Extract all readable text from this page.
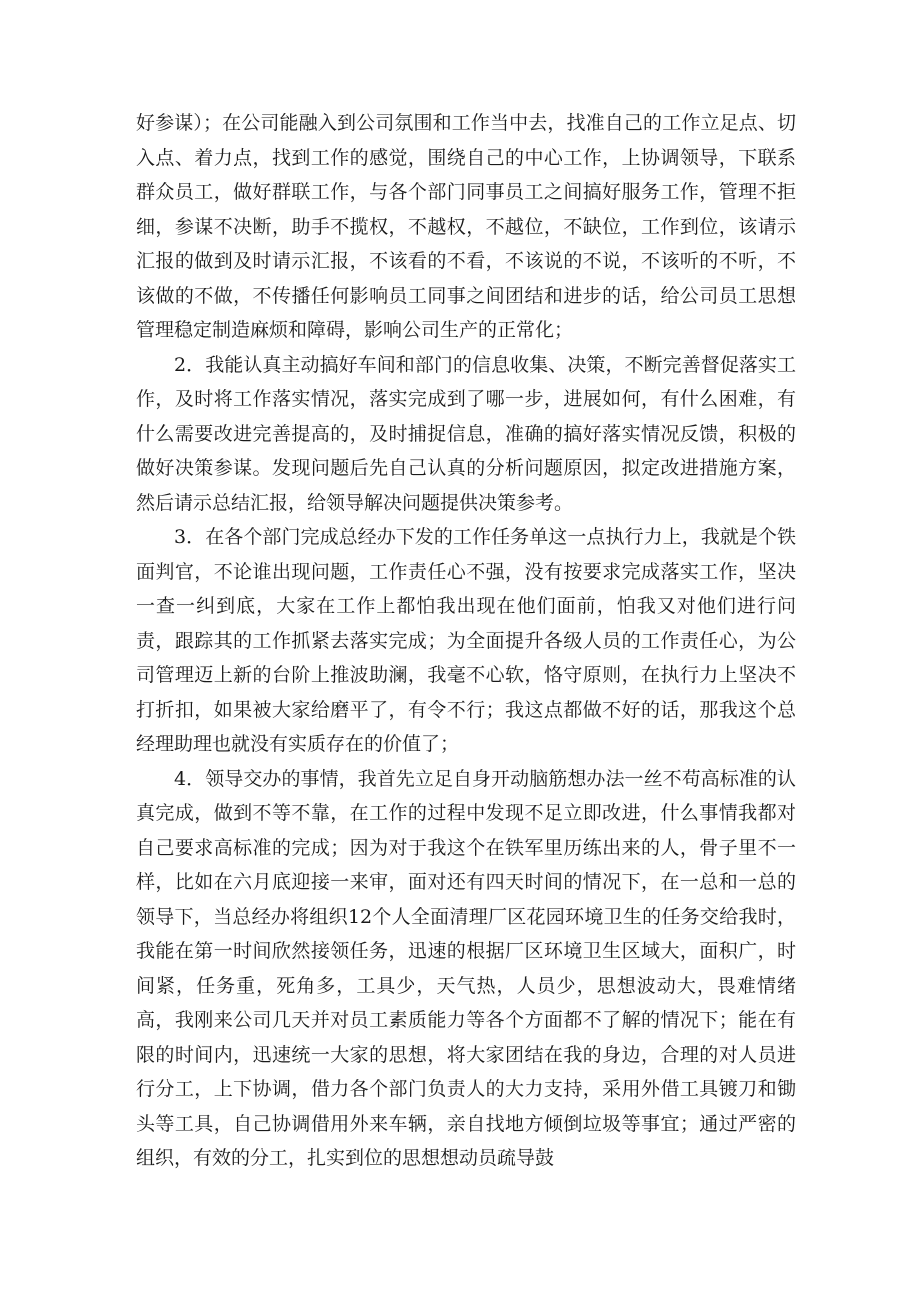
好参谋）；在公司能融入到公司氛围和工作当中去，找准自己的工作立足点、切入点、着力点，找到工作的感觉，围绕自己的中心工作，上协调领导，下联系群众员工，做好群联工作，与各个部门同事员工之间搞好服务工作，管理不拒细，参谋不决断，助手不揽权，不越权，不越位，不缺位，工作到位，该请示汇报的做到及时请示汇报，不该看的不看，不该说的不说，不该听的不听，不该做的不做，不传播任何影响员工同事之间团结和进步的话，给公司员工思想管理稳定制造麻烦和障碍，影响公司生产的正常化；

2．我能认真主动搞好车间和部门的信息收集、决策，不断完善督促落实工作，及时将工作落实情况，落实完成到了哪一步，进展如何，有什么困难，有什么需要改进完善提高的，及时捕捉信息，准确的搞好落实情况反馈，积极的做好决策参谋。发现问题后先自己认真的分析问题原因，拟定改进措施方案，然后请示总结汇报，给领导解决问题提供决策参考。

3．在各个部门完成总经办下发的工作任务单这一点执行力上，我就是个铁面判官，不论谁出现问题，工作责任心不强，没有按要求完成落实工作，坚决一查一纠到底，大家在工作上都怕我出现在他们面前，怕我又对他们进行问责，跟踪其的工作抓紧去落实完成；为全面提升各级人员的工作责任心，为公司管理迈上新的台阶上推波助澜，我毫不心软，恪守原则，在执行力上坚决不打折扣，如果被大家给磨平了，有令不行；我这点都做不好的话，那我这个总经理助理也就没有实质存在的价值了；

4．领导交办的事情，我首先立足自身开动脑筋想办法一丝不苟高标准的认真完成，做到不等不靠，在工作的过程中发现不足立即改进，什么事情我都对自己要求高标准的完成；因为对于我这个在铁军里历练出来的人，骨子里不一样，比如在六月底迎接一来审，面对还有四天时间的情况下，在一总和一总的领导下，当总经办将组织12个人全面清理厂区花园环境卫生的任务交给我时，我能在第一时间欣然接领任务，迅速的根据厂区环境卫生区域大，面积广，时间紧，任务重，死角多，工具少，天气热，人员少，思想波动大，畏难情绪高，我刚来公司几天并对员工素质能力等各个方面都不了解的情况下；能在有限的时间内，迅速统一大家的思想，将大家团结在我的身边，合理的对人员进行分工，上下协调，借力各个部门负责人的大力支持，采用外借工具镀刀和锄头等工具，自己协调借用外来车辆，亲自找地方倾倒垃圾等事宜；通过严密的组织，有效的分工，扎实到位的思想想动员疏导鼓
